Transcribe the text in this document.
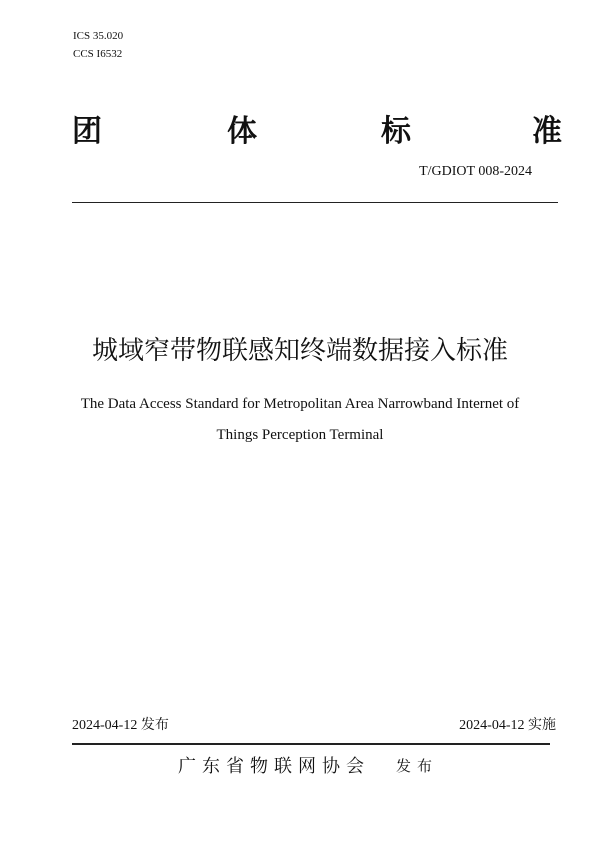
ICS 35.020
CCS I6532
团	体	标	准
T/GDIOT 008-2024
城域窄带物联感知终端数据接入标准
The Data Access Standard for Metropolitan Area Narrowband Internet of
Things Perception Terminal
2024-04-12 发布	2024-04-12 实施
广东省物联网协会 发布
